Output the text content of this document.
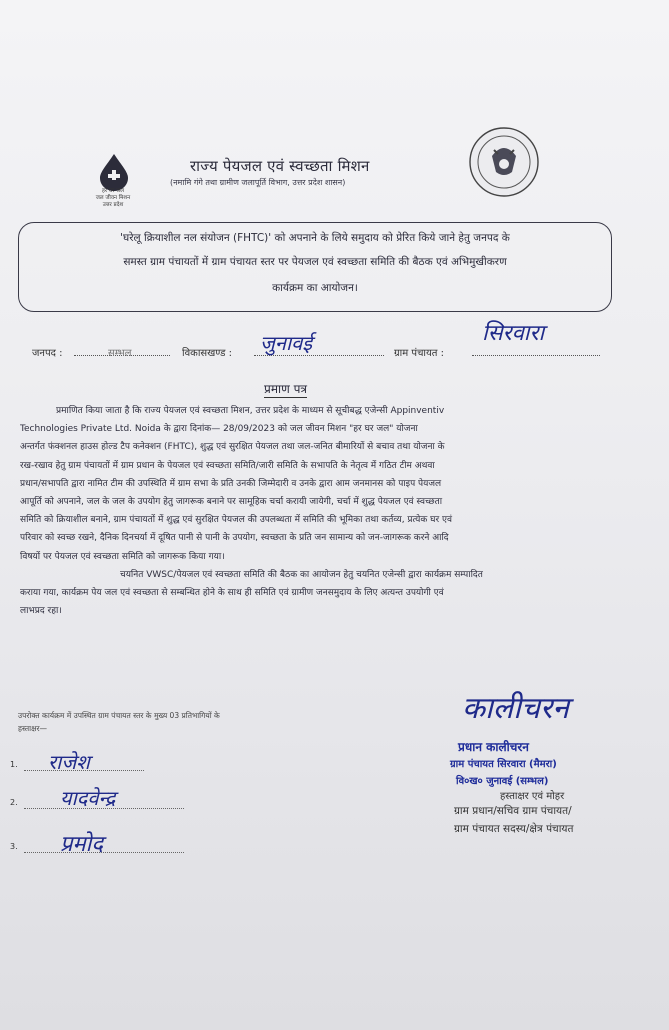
हर घर जल
जल जीवन मिशन
उत्तर प्रदेश
राज्य पेयजल एवं स्वच्छता मिशन
(नमामि गंगे तथा ग्रामीण जलापूर्ति विभाग, उत्तर प्रदेश शासन)
'घरेलू क्रियाशील नल संयोजन (FHTC)' को अपनाने के लिये समुदाय को प्रेरित किये जाने हेतु जनपद के
समस्त ग्राम पंचायतों में ग्राम पंचायत स्तर पर पेयजल एवं स्वच्छता समिति की बैठक एवं अभिमुखीकरण
कार्यक्रम का आयोजन।
जनपद :	सम्भल	विकासखण्ड : जुनावई	ग्राम पंचायत :
सिरवारा
प्रमाण पत्र

प्रमाणित किया जाता है कि राज्य पेयजल एवं स्वच्छता मिशन, उत्तर प्रदेश के माध्यम से सूचीबद्ध एजेन्सी Appinventiv

Technologies Private Ltd. Noida के द्वारा दिनांक— 28/09/2023 को जल जीवन मिशन "हर घर जल" योजना

अन्तर्गत फंक्शनल हाउस होल्ड टैप कनेक्शन (FHTC), शुद्ध एवं सुरक्षित पेयजल तथा जल-जनित बीमारियों से बचाव तथा योजना के

रख-रखाव हेतु ग्राम पंचायतों में ग्राम प्रधान के पेयजल एवं स्वच्छता समिति/जारी समिति के सभापति के नेतृत्व में गठित टीम अथवा

प्रधान/सभापति द्वारा नामित टीम की उपस्थिति में ग्राम सभा के प्रति उनकी जिम्मेदारी व उनके द्वारा आम जनमानस को पाइप पेयजल

आपूर्ति को अपनाने, जल के जल के उपयोग हेतु जागरूक बनाने पर सामूहिक चर्चा करायी जायेगी, चर्चा में शुद्ध पेयजल एवं स्वच्छता

समिति को क्रियाशील बनाने, ग्राम पंचायतों में शुद्ध एवं सुरक्षित पेयजल की उपलब्धता में समिति की भूमिका तथा कर्तव्य, प्रत्येक घर एवं

परिवार को स्वच्छ रखने, दैनिक दिनचर्या में दूषित पानी से पानी के उपयोग, स्वच्छता के प्रति जन सामान्य को जन-जागरूक करने आदि

विषयों पर पेयजल एवं स्वच्छता समिति को जागरूक किया गया।

चयनित VWSC/पेयजल एवं स्वच्छता समिति की बैठक का आयोजन हेतु चयनित एजेन्सी द्वारा कार्यक्रम सम्पादित

कराया गया, कार्यक्रम पेय जल एवं स्वच्छता से सम्बन्धित होने के साथ ही समिति एवं ग्रामीण जनसमुदाय के लिए अत्यन्त उपयोगी एवं

लाभप्रद रहा।

उपरोक्त कार्यक्रम में उपस्थित ग्राम पंचायत स्तर के मुख्य 03 प्रतिभागियों के
हस्ताक्षर—
1. राजेश
2. यादवेन्द्र
3. प्रमोद
कालीचरन
प्रधान कालीचरन
ग्राम पंचायत सिरवारा (मैमरा)
वि०ख० जुनावई (सम्भल)
हस्ताक्षर एवं मोहर
ग्राम प्रधान/सचिव ग्राम पंचायत/
ग्राम पंचायत सदस्य/क्षेत्र पंचायत
